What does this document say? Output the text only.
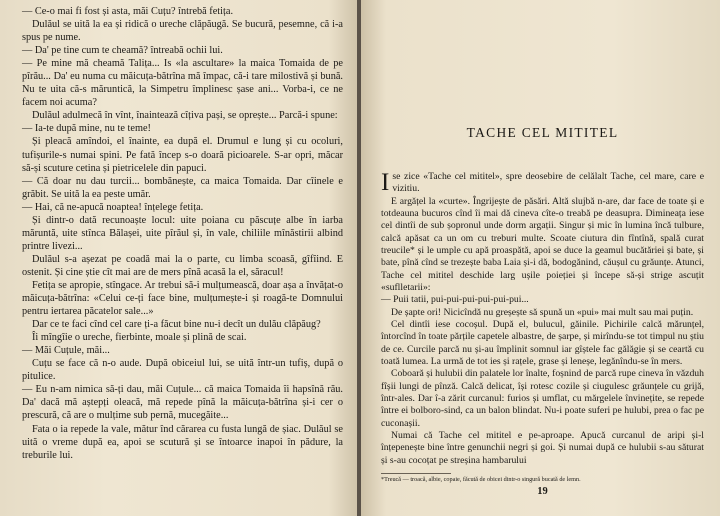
— Ce-o mai fi fost și asta, măi Cuțu? întrebă fetița.

Dulăul se uită la ea și ridică o ureche clăpăugă. Se bucură, pesemne, că i-a spus pe nume.

— Da' pe tine cum te cheamă? întreabă ochii lui.

— Pe mine mă cheamă Talița... Is «la ascultare» la maica Tomaida de pe pîrău... Da' eu numa cu măicuța-bătrîna mă împac, că-i tare milostivă și bună. Nu te uita că-s măruntică, la Simpetru împlinesc șase ani... Vorba-i, ce ne facem noi acuma?

Dulăul adulmecă în vînt, înaintează cîțiva pași, se oprește... Parcă-i spune:

— Ia-te după mine, nu te teme!

Și pleacă amîndoi, el înainte, ea după el. Drumul e lung și cu ocoluri, tufișurile-s numai spini. Pe fată încep s-o doară picioarele. S-ar opri, măcar să-și scuture cetina și pietricelele din papuci.

— Că doar nu dau turcii... bombănește, ca maica Tomaida. Dar cîinele e grăbit. Se uită la ea peste umăr.

— Hai, că ne-apucă noaptea! înțelege fetița.

Și dintr-o dată recunoaște locul: uite poiana cu păscuțe albe în iarba măruntă, uite stînca Bălașei, uite pîrăul și, în vale, chiliile mînăstirii albind printre livezi...

Dulăul s-a așezat pe coadă mai la o parte, cu limba scoasă, gîfîind. E ostenit. Și cine știe cît mai are de mers pînă acasă la el, săracul!

Fetița se apropie, stîngace. Ar trebui să-i mulțumească, doar așa a învățat-o măicuța-bătrîna: «Celui ce-ți face bine, mulțumește-i și roagă-te Domnului pentru iertarea păcatelor sale...»

Dar ce te faci cînd cel care ți-a făcut bine nu-i decît un dulău clăpăug?

Îi mîngîie o ureche, fierbinte, moale și plină de scai.

— Măi Cuțule, măi...

Cuțu se face că n-o aude. După obiceiul lui, se uită într-un tufiș, după o pitulice.

— Eu n-am nimica să-ți dau, măi Cuțule... că maica Tomaida îi hapsînă rău. Da' dacă mă aștepți oleacă, mă repede pînă la măicuța-bătrîna și-i cer o prescură, că are o mulțime sub pernă, mucegăite...

Fata o ia repede la vale, mătur înd cărarea cu fusta lungă de șiac. Dulăul se uită o vreme după ea, apoi se scutură și se întoarce inapoi în pădure, la treburile lui.

TACHE CEL MITITEL

Ise zice «Tache cel mititel», spre deosebire de celălalt Tache, cel mare, care e vizitiu.

E argățel la «curte». Îngrijește de păsări. Altă slujbă n-are, dar face de toate și e totdeauna bucuros cînd îi mai dă cineva cîte-o treabă pe deasupra. Dimineața iese cel dintîi de sub șopronul unde dorm argații. Singur și mic în lumina încă tulbure, calcă apăsat ca un om cu treburi multe. Scoate ciutura din fîntînă, spală curat treucile* și le umple cu apă proaspătă, apoi se duce la geamul bucătăriei și bate, și bate, pînă cînd se trezește baba Laia și-i dă, bodogănind, căușul cu grăunțe. Atunci, Tache cel mititel deschide larg ușile poieției și începe să-și strige ascuțit «suflletarii»:

— Puii tatii, pui-pui-pui-pui-pui-pui...

De șapte ori! Nicicîndă nu greșește să spună un «pui» mai mult sau mai puțin.

Cel dintîi iese cocoșul. După el, bulucul, găinile. Pichirile calcă mărunțel, întorcînd în toate părțile capetele albastre, de șarpe, și mirîndu-se tot timpul nu știu de ce. Curcile parcă nu și-au împlinit somnul iar gîștele fac gălăgie și se ceartă cu toată lumea. La urmă de tot ies și rațele, grase și leneșe, legănîndu-se în mers.

Coboară și hulubii din palatele lor înalte, foșnind de parcă rupe cineva în văzduh fîșii lungi de pînză. Calcă delicat, își rotesc cozile și ciugulesc grăunțele cu grijă, într-ales. Dar î-a zărit curcanul: furios și umflat, cu mărgelele învinețite, se repede între ei bolboro-sind, ca un balon blindat. Nu-i poate suferi pe hulubi, prea o fac pe cuconașii.

Numai că Tache cel mititel e pe-aproape. Apucă curcanul de aripi și-l înțepenește bine între genunchii negri și goi. Și numai după ce hulubii s-au săturat și s-au cocoțat pe streșina hambarului

*Treucă — troacă, albie, copaie, făcută de obicei dintr-o singură bucată de lemn.

19
